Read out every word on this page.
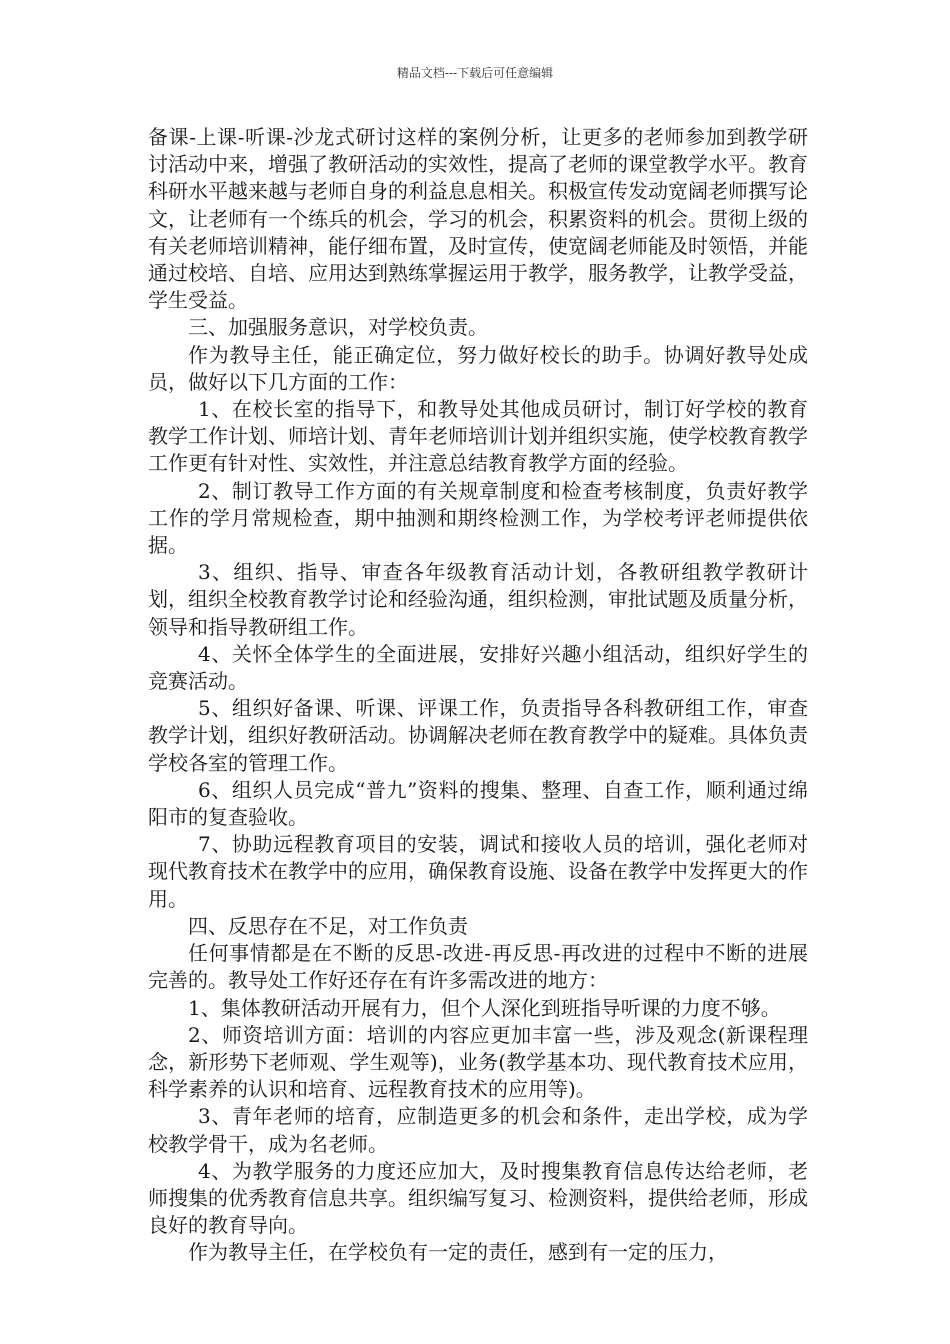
精品文档---下载后可任意编辑

备课-上课-听课-沙龙式研讨这样的案例分析，让更多的老师参加到教学研讨活动中来，增强了教研活动的实效性，提高了老师的课堂教学水平。教育科研水平越来越与老师自身的利益息息相关。积极宣传发动宽阔老师撰写论文，让老师有一个练兵的机会，学习的机会，积累资料的机会。贯彻上级的有关老师培训精神，能仔细布置，及时宣传，使宽阔老师能及时领悟，并能通过校培、自培、应用达到熟练掌握运用于教学，服务教学，让教学受益，学生受益。

三、加强服务意识，对学校负责。

作为教导主任，能正确定位，努力做好校长的助手。协调好教导处成员，做好以下几方面的工作：

1、在校长室的指导下，和教导处其他成员研讨，制订好学校的教育教学工作计划、师培计划、青年老师培训计划并组织实施，使学校教育教学工作更有针对性、实效性，并注意总结教育教学方面的经验。

2、制订教导工作方面的有关规章制度和检查考核制度，负责好教学工作的学月常规检查，期中抽测和期终检测工作，为学校考评老师提供依据。

3、组织、指导、审查各年级教育活动计划，各教研组教学教研计划，组织全校教育教学讨论和经验沟通，组织检测，审批试题及质量分析，领导和指导教研组工作。

4、关怀全体学生的全面进展，安排好兴趣小组活动，组织好学生的竞赛活动。

5、组织好备课、听课、评课工作，负责指导各科教研组工作，审查教学计划，组织好教研活动。协调解决老师在教育教学中的疑难。具体负责学校各室的管理工作。

6、组织人员完成“普九”资料的搜集、整理、自查工作，顺利通过绵阳市的复查验收。

7、协助远程教育项目的安装，调试和接收人员的培训，强化老师对现代教育技术在教学中的应用，确保教育设施、设备在教学中发挥更大的作用。

四、反思存在不足，对工作负责

任何事情都是在不断的反思-改进-再反思-再改进的过程中不断的进展完善的。教导处工作好还存在有许多需改进的地方：

1、集体教研活动开展有力，但个人深化到班指导听课的力度不够。

2、师资培训方面：培训的内容应更加丰富一些，涉及观念(新课程理念，新形势下老师观、学生观等)，业务(教学基本功、现代教育技术应用，科学素养的认识和培育、远程教育技术的应用等)。

3、青年老师的培育，应制造更多的机会和条件，走出学校，成为学校教学骨干，成为名老师。

4、为教学服务的力度还应加大，及时搜集教育信息传达给老师，老师搜集的优秀教育信息共享。组织编写复习、检测资料，提供给老师，形成良好的教育导向。

作为教导主任，在学校负有一定的责任，感到有一定的压力，
